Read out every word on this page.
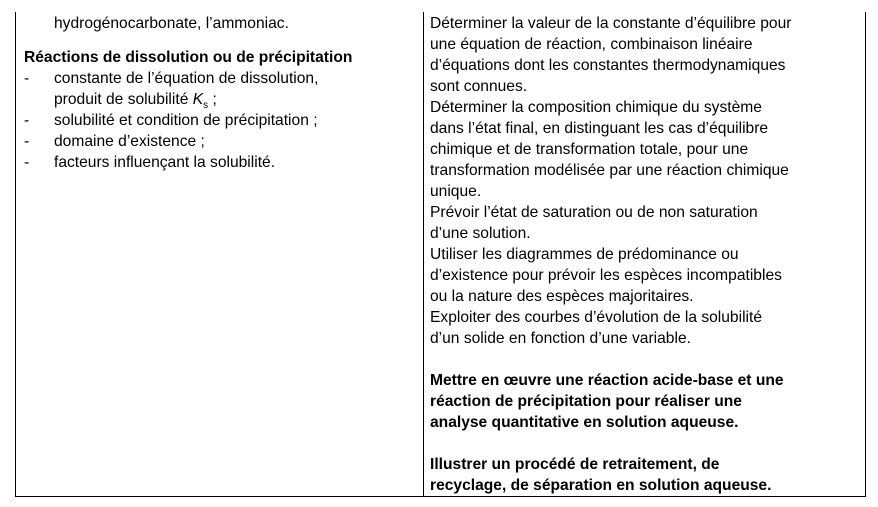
hydrogénocarbonate, l’ammoniac.
Réactions de dissolution ou de précipitation
- constante de l’équation de dissolution,
produit de solubilité $K_s$ ;
- solubilité et condition de précipitation ;
- domaine d’existence ;
- facteurs influençant la solubilité.
Déterminer la valeur de la constante d’équilibre pour
une équation de réaction, combinaison linéaire
d’équations dont les constantes thermodynamiques
sont connues.
Déterminer la composition chimique du système
dans l’état final, en distinguant les cas d’équilibre
chimique et de transformation totale, pour une
transformation modélisée par une réaction chimique
unique.
Prévoir l’état de saturation ou de non saturation
d’une solution.
Utiliser les diagrammes de prédominance ou
d’existence pour prévoir les espèces incompatibles
ou la nature des espèces majoritaires.
Exploiter des courbes d’évolution de la solubilité
d’un solide en fonction d’une variable.
Mettre en œuvre une réaction acide-base et une
réaction de précipitation pour réaliser une
analyse quantitative en solution aqueuse.
Illustrer un procédé de retraitement, de
recyclage, de séparation en solution aqueuse.
